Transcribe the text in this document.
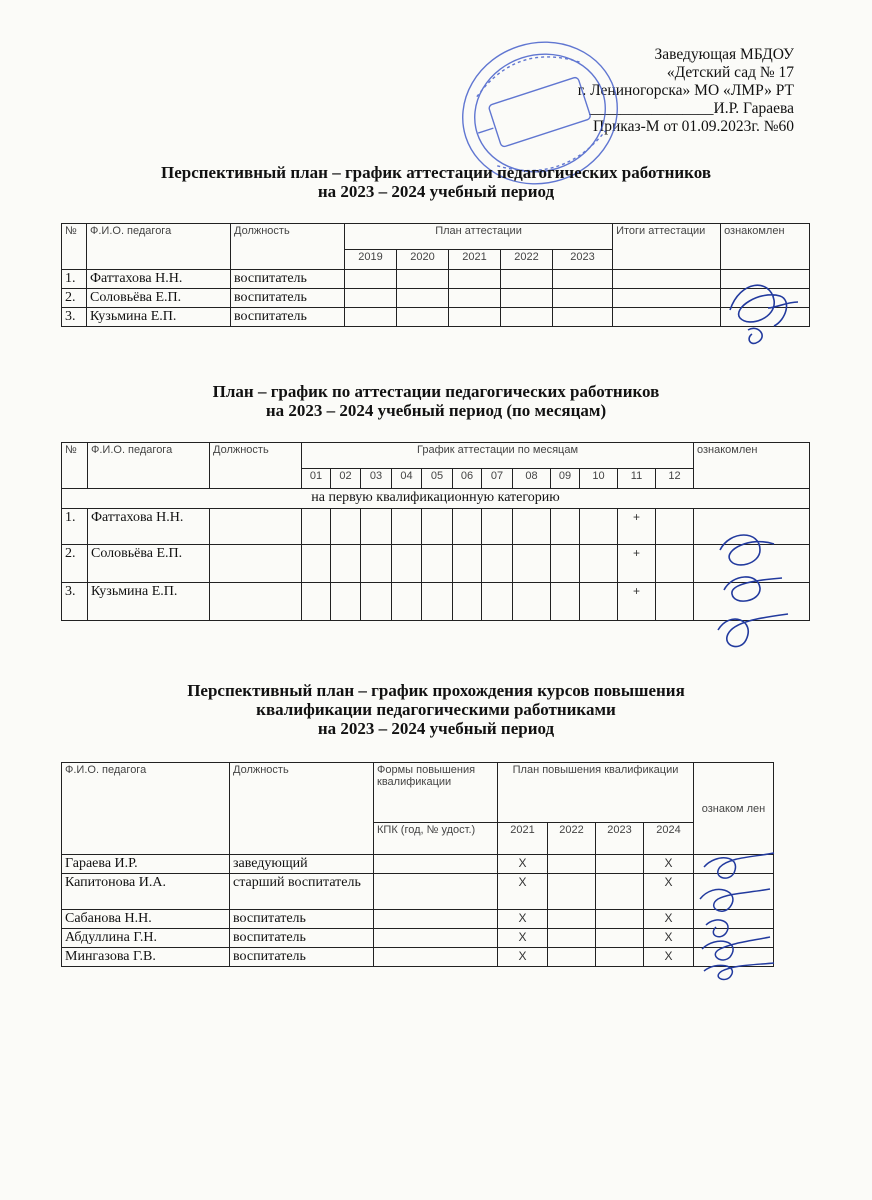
Заведующая МБДОУ
«Детский сад № 17
г. Лениногорска» МО «ЛМР» РТ
________________И.Р. Гараева
Приказ-М от 01.09.2023г. №60
Перспективный план – график аттестации педагогических работников
на 2023 – 2024 учебный период
№	Ф.И.О. педагога	Должность	План аттестации					Итоги аттестации	ознакомлен
			2019	2020	2021	2022	2023		
1.	Фаттахова Н.Н.	воспитатель							
2.	Соловьёва Е.П.	воспитатель							
3.	Кузьмина Е.П.	воспитатель							
План – график по аттестации педагогических работников
на 2023 – 2024 учебный период (по месяцам)
№	Ф.И.О. педагога	Должность	График аттестации по месяцам												ознакомлен
			01	02	03	04	05	06	07	08	09	10	11	12	
на первую квалификационную категорию															
1.	Фаттахова Н.Н.												+		
2.	Соловьёва Е.П.												+		
3.	Кузьмина Е.П.												+		
Перспективный план – график прохождения курсов повышения
квалификации педагогическими работниками
на 2023 – 2024 учебный период
Ф.И.О. педагога	Должность	Формы повышения квалификации	План повышения квалификации				ознаком лен
		КПК (год, № удост.)	2021	2022	2023	2024	
Гараева И.Р.	заведующий		Х			Х	
Капитонова И.А.	старший воспитатель		Х			Х	
Сабанова Н.Н.	воспитатель		Х			Х	
Абдуллина Г.Н.	воспитатель		Х			Х	
Мингазова Г.В.	воспитатель		Х			Х	
